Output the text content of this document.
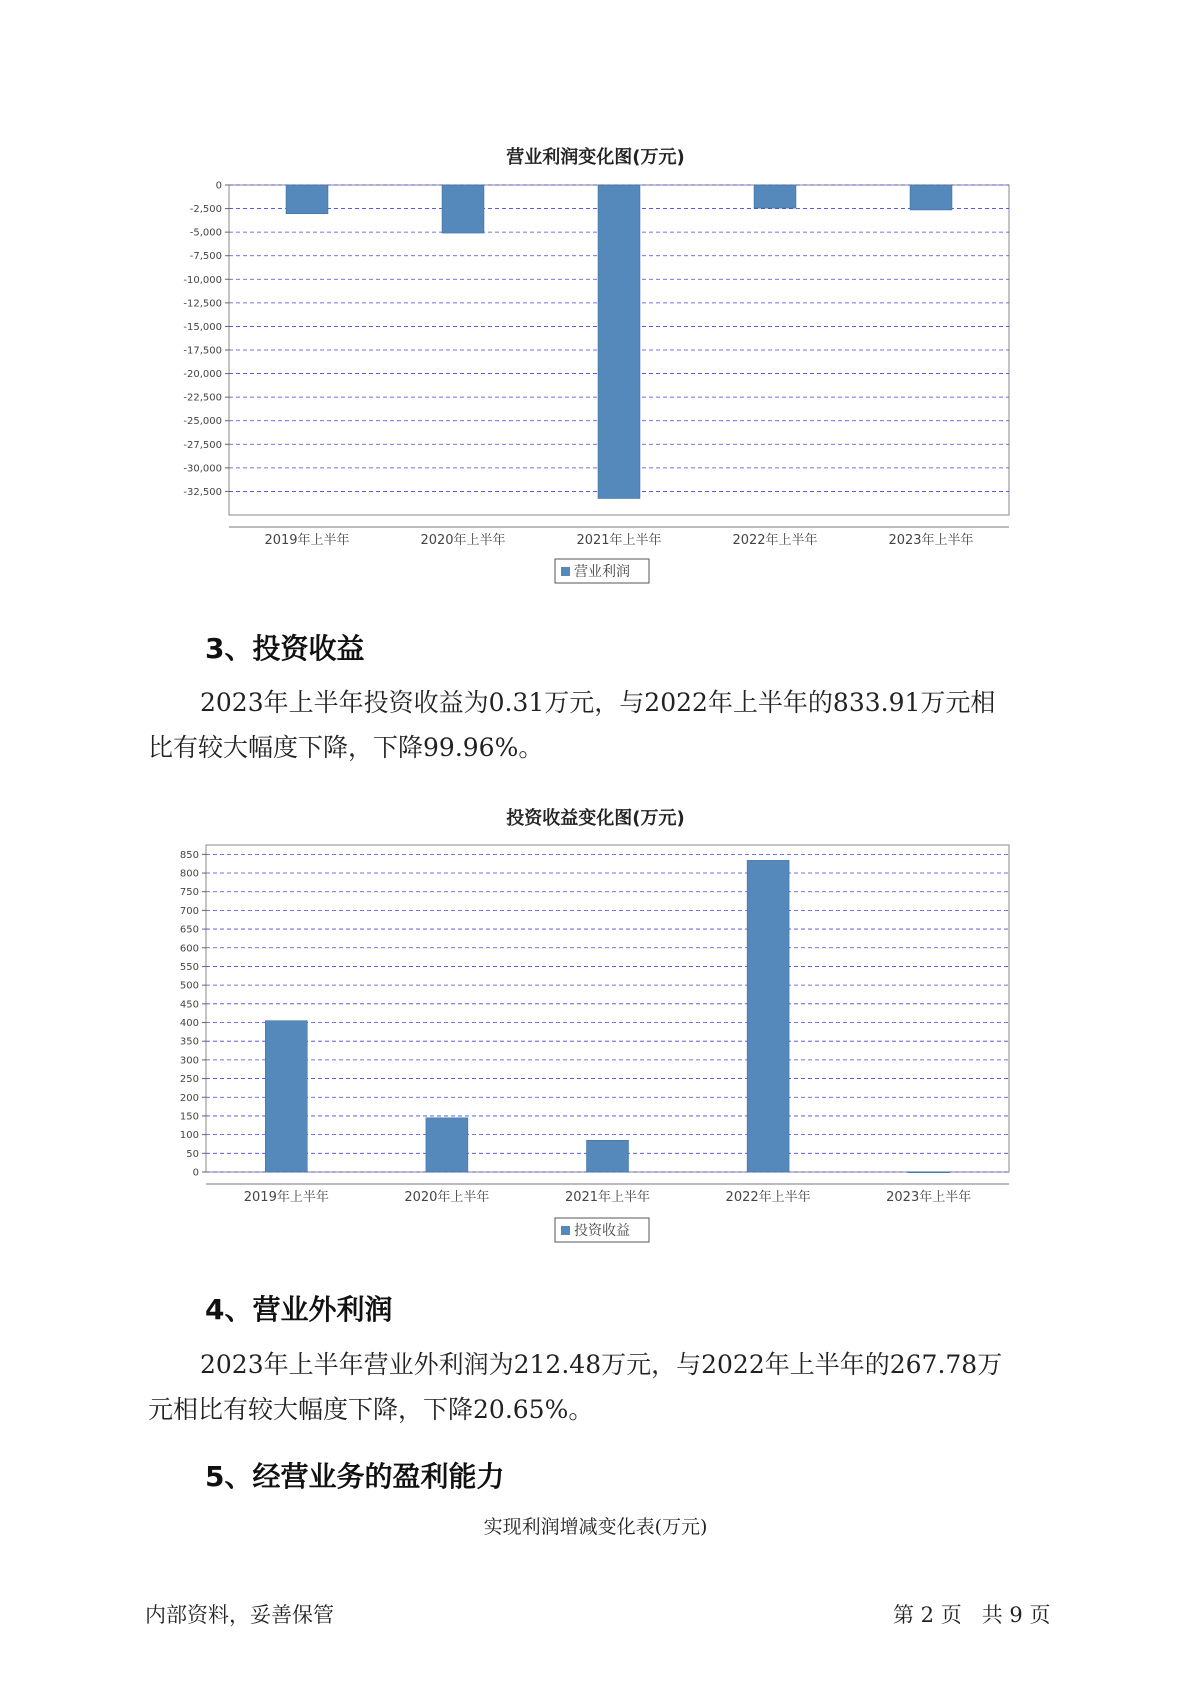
营业利润变化图(万元)
0
-2,500
-5,000
-7,500
-10,000
-12,500
-15,000
-17,500
-20,000
-22,500
-25,000
-27,500
-30,000
-32,500
2019年上半年	2020年上半年	2021年上半年	2022年上半年	2023年上半年
营业利润
3、投资收益

2023年上半年投资收益为0.31万元，与2022年上半年的833.91万元相
比有较大幅度下降，下降99.96%。

投资收益变化图(万元)
0
50
100
150
200
250
300
350
400
450
500
550
600
650
700
750
800
850
2019年上半年	2020年上半年	2021年上半年	2022年上半年	2023年上半年
投资收益
4、营业外利润

2023年上半年营业外利润为212.48万元，与2022年上半年的267.78万
元相比有较大幅度下降，下降20.65%。

5、经营业务的盈利能力
实现利润增减变化表(万元)
内部资料，妥善保管	第 2 页   共 9 页
